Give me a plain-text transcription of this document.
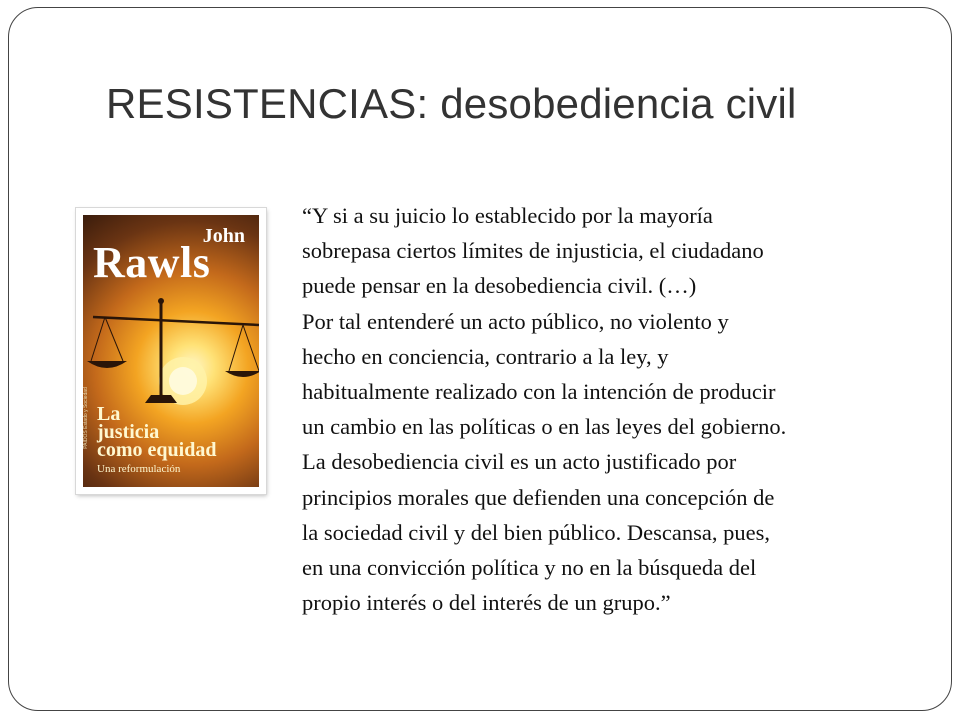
RESISTENCIAS: desobediencia civil
John
Rawls
La
justicia
como equidad
Una reformulación
PAIDÓS Estado y Sociedad

“Y si a su juicio lo establecido por la mayoría

sobrepasa ciertos límites de injusticia, el ciudadano

puede pensar en la desobediencia civil. (…)

Por tal entenderé un acto público, no violento y

hecho en conciencia, contrario a la ley, y

habitualmente realizado con la intención de producir

un cambio en las políticas o en las leyes del gobierno.

La desobediencia civil es un acto justificado por

principios morales que defienden una concepción de

la sociedad civil y del bien público. Descansa, pues,

en una convicción política y no en la búsqueda del

propio interés o del interés de un grupo.”
